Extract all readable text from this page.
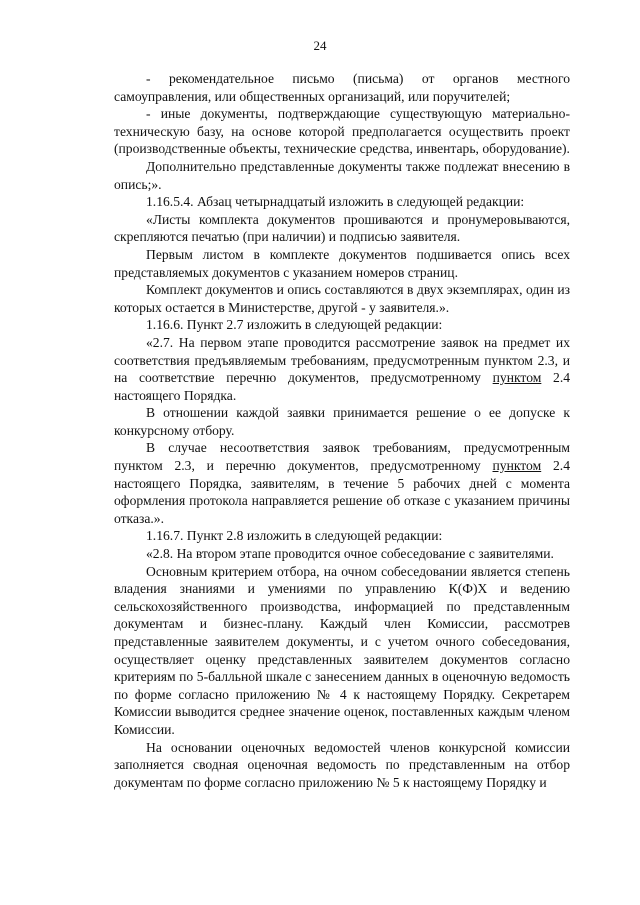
24

- рекомендательное письмо (письма) от органов местного самоуправления, или общественных организаций, или поручителей;

- иные документы, подтверждающие существующую материально-техническую базу, на основе которой предполагается осуществить проект (производственные объекты, технические средства, инвентарь, оборудование).

Дополнительно представленные документы также подлежат внесению в опись;».

1.16.5.4. Абзац четырнадцатый изложить в следующей редакции:

«Листы комплекта документов прошиваются и пронумеровываются, скрепляются печатью (при наличии) и подписью заявителя.

Первым листом в комплекте документов подшивается опись всех представляемых документов с указанием номеров страниц.

Комплект документов и опись составляются в двух экземплярах, один из которых остается в Министерстве, другой - у заявителя.».

1.16.6. Пункт 2.7 изложить в следующей редакции:

«2.7. На первом этапе проводится рассмотрение заявок на предмет их соответствия предъявляемым требованиям, предусмотренным пунктом 2.3, и на соответствие перечню документов, предусмотренному пунктом 2.4 настоящего Порядка.

В отношении каждой заявки принимается решение о ее допуске к конкурсному отбору.

В случае несоответствия заявок требованиям, предусмотренным пунктом 2.3, и перечню документов, предусмотренному пунктом 2.4 настоящего Порядка, заявителям, в течение 5 рабочих дней с момента оформления протокола направляется решение об отказе с указанием причины отказа.».

1.16.7. Пункт 2.8 изложить в следующей редакции:

«2.8. На втором этапе проводится очное собеседование с заявителями.

Основным критерием отбора, на очном собеседовании является степень владения знаниями и умениями по управлению К(Ф)Х и ведению сельскохозяйственного производства, информацией по представленным документам и бизнес-плану. Каждый член Комиссии, рассмотрев представленные заявителем документы, и с учетом очного собеседования, осуществляет оценку представленных заявителем документов согласно критериям по 5-балльной шкале с занесением данных в оценочную ведомость по форме согласно приложению № 4 к настоящему Порядку. Секретарем Комиссии выводится среднее значение оценок, поставленных каждым членом Комиссии.

На основании оценочных ведомостей членов конкурсной комиссии заполняется сводная оценочная ведомость по представленным на отбор документам по форме согласно приложению № 5 к настоящему Порядку и
